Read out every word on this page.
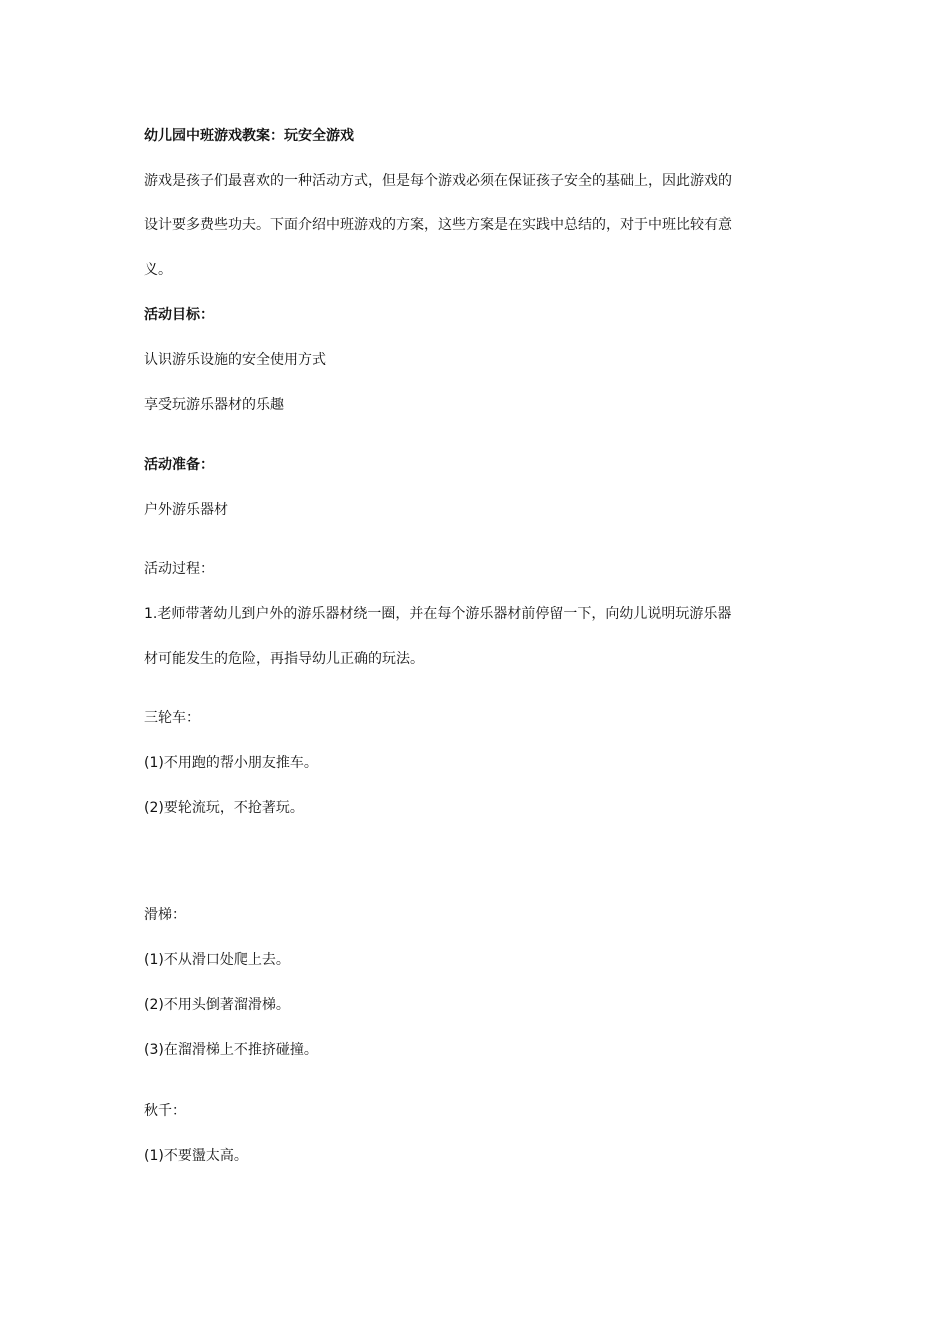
幼儿园中班游戏教案：玩安全游戏

游戏是孩子们最喜欢的一种活动方式，但是每个游戏必须在保证孩子安全的基础上，因此游戏的

设计要多费些功夫。下面介绍中班游戏的方案，这些方案是在实践中总结的，对于中班比较有意

义。

活动目标：

认识游乐设施的安全使用方式

享受玩游乐器材的乐趣

活动准备：

户外游乐器材

活动过程：

1.老师带著幼儿到户外的游乐器材绕一圈，并在每个游乐器材前停留一下，向幼儿说明玩游乐器

材可能发生的危险，再指导幼儿正确的玩法。

三轮车：

(1)不用跑的帮小朋友推车。

(2)要轮流玩，不抢著玩。

滑梯：

(1)不从滑口处爬上去。

(2)不用头倒著溜滑梯。

(3)在溜滑梯上不推挤碰撞。

秋千：

(1)不要盪太高。
